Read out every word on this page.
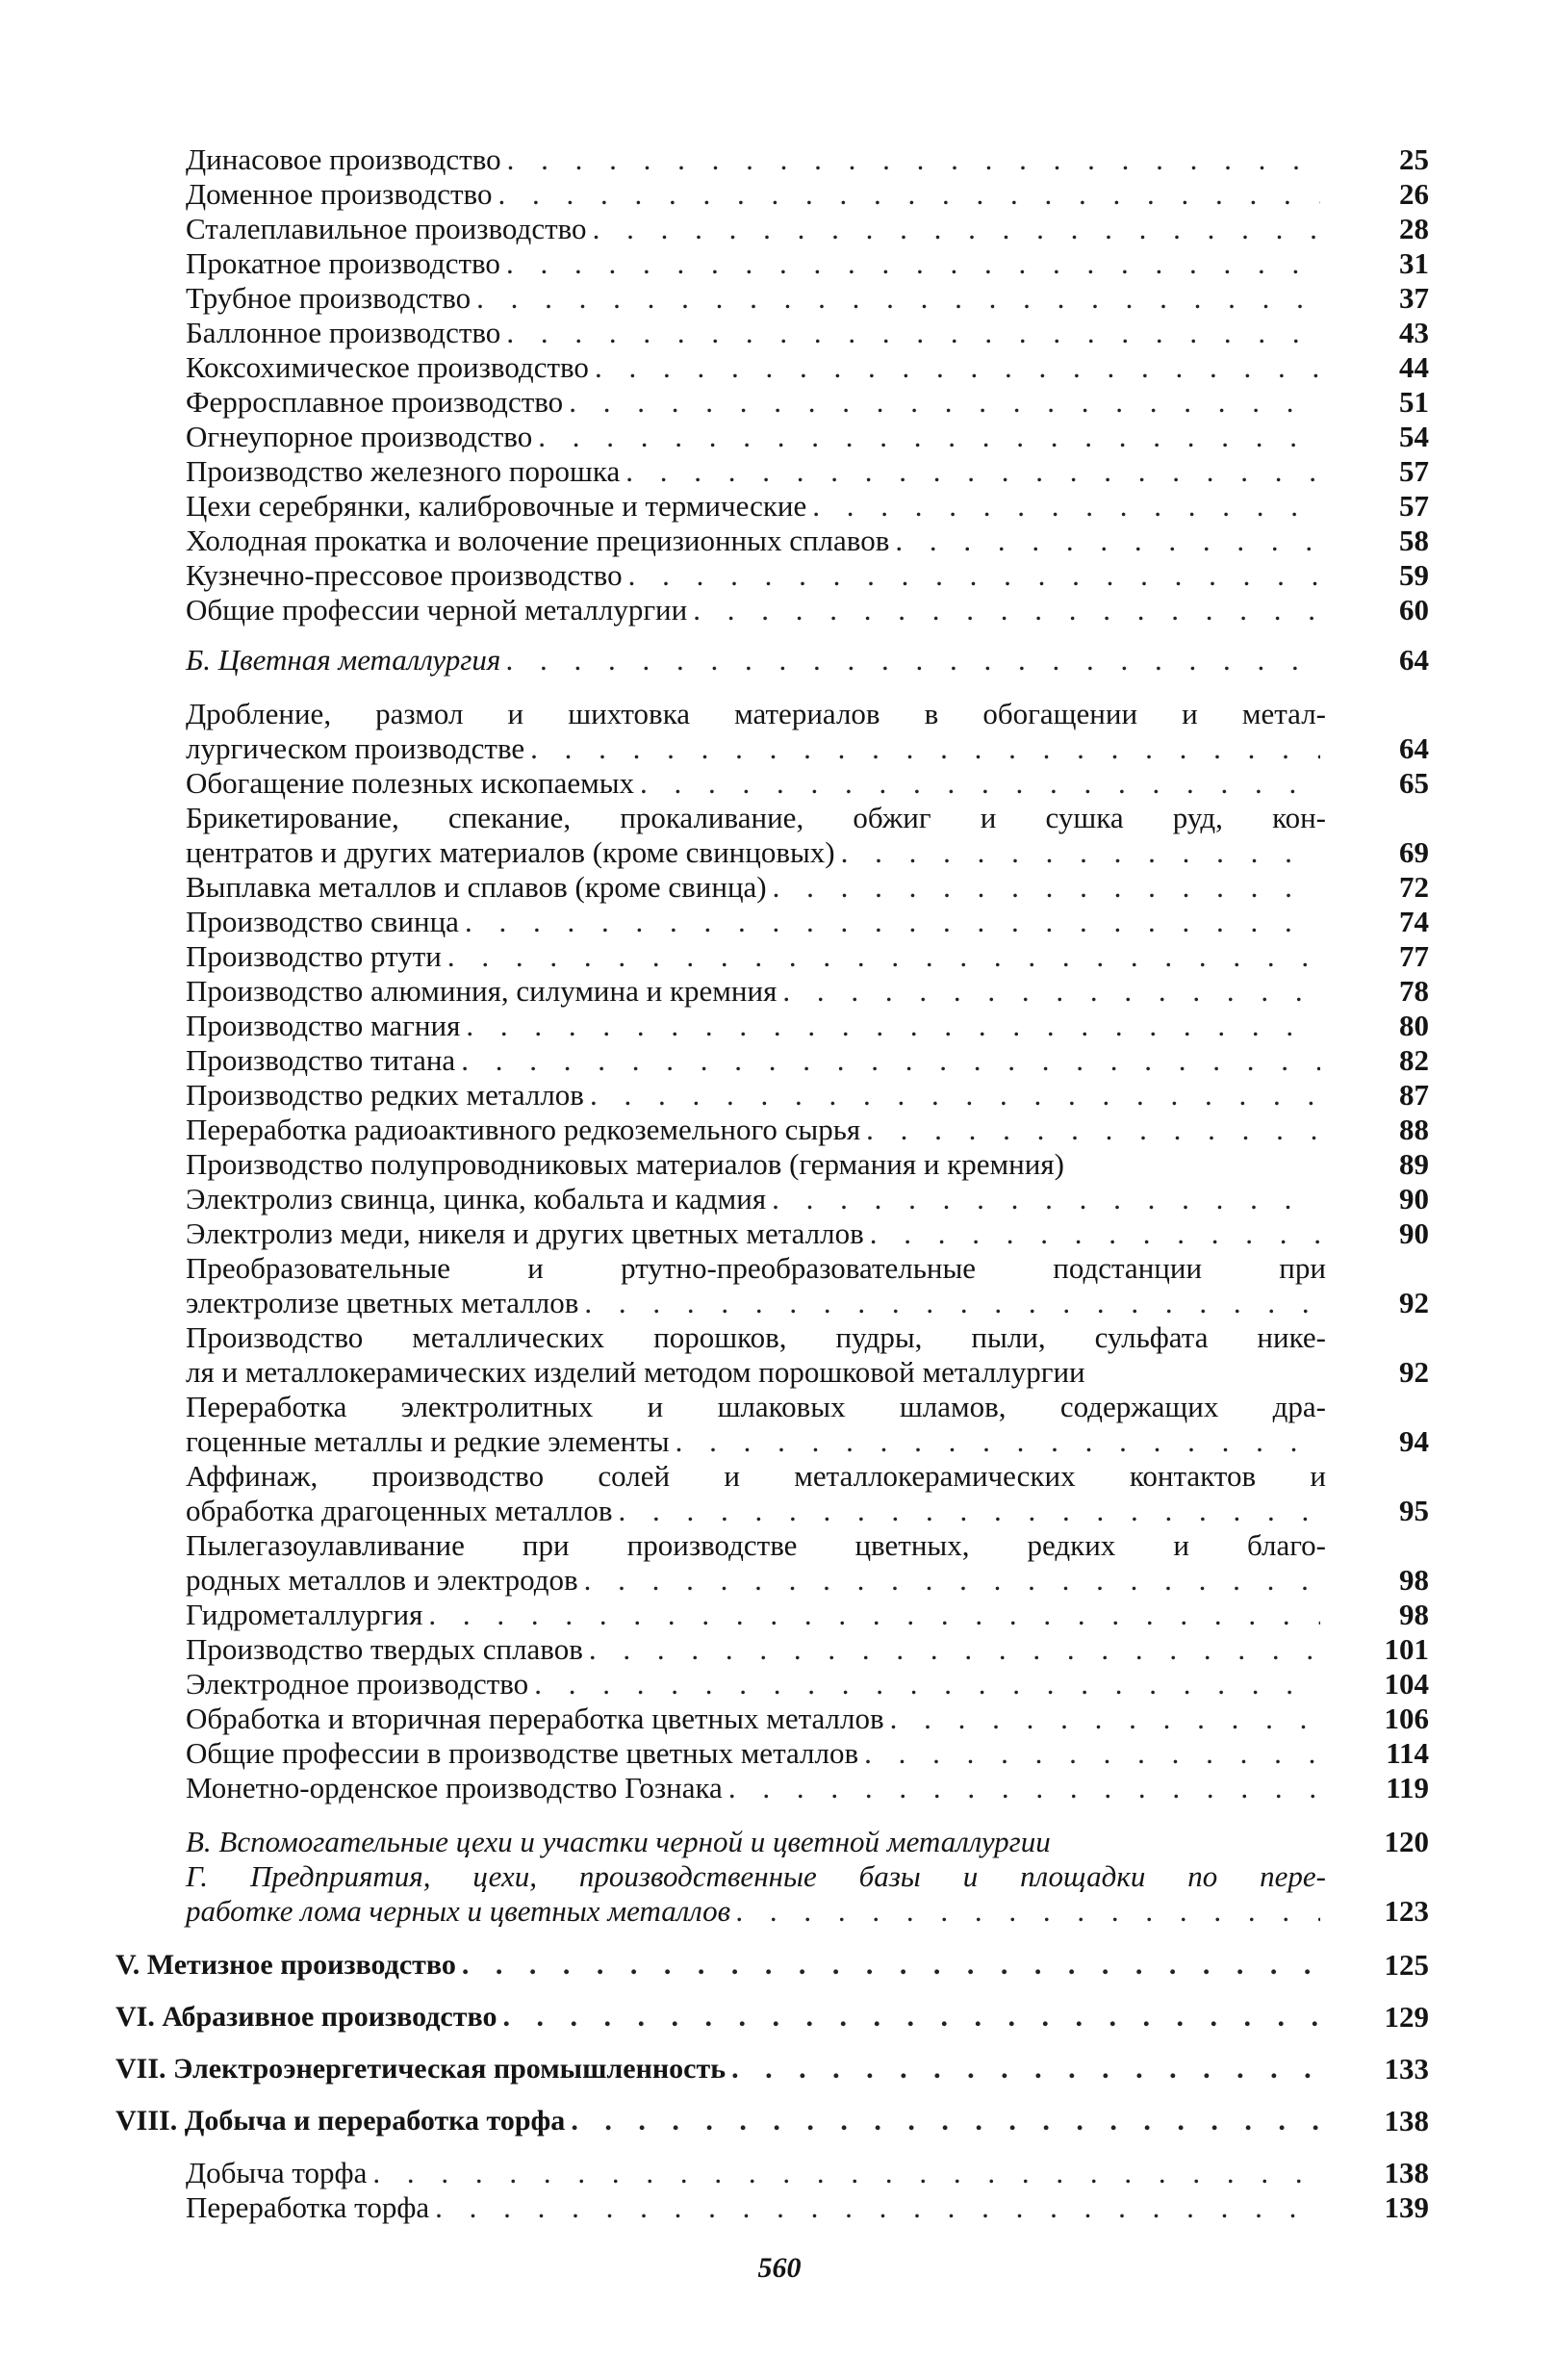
Динасовое производство . . .	25
Доменное производство . . .	26
Сталеплавильное производство . . .	28
Прокатное производство . . .	31
Трубное производство . . .	37
Баллонное производство . . .	43
Коксохимическое производство . . .	44
Ферросплавное производство . . .	51
Огнеупорное производство . . .	54
Производство железного порошка . . .	57
Цехи серебрянки, калибровочные и термические . . .	57
Холодная прокатка и волочение прецизионных сплавов . . .	58
Кузнечно-прессовое производство . . .	59
Общие профессии черной металлургии . . .	60
Б. Цветная металлургия . . .	64
Дробление, размол и шихтовка материалов в обогащении и метал-
лургическом производстве . . .	64
Обогащение полезных ископаемых . . .	65
Брикетирование, спекание, прокаливание, обжиг и сушка руд, кон-
центратов и других материалов (кроме свинцовых) . . .	69
Выплавка металлов и сплавов (кроме свинца) . . .	72
Производство свинца . . .	74
Производство ртути . . .	77
Производство алюминия, силумина и кремния . . .	78
Производство магния . . .	80
Производство титана . . .	82
Производство редких металлов . . .	87
Переработка радиоактивного редкоземельного сырья . . .	88
Производство полупроводниковых материалов (германия и кремния)	89
Электролиз свинца, цинка, кобальта и кадмия . . .	90
Электролиз меди, никеля и других цветных металлов . . .	90
Преобразовательные и ртутно-преобразовательные подстанции при
электролизе цветных металлов . . .	92
Производство металлических порошков, пудры, пыли, сульфата нике-
ля и металлокерамических изделий методом порошковой металлургии	92
Переработка электролитных и шлаковых шламов, содержащих дра-
гоценные металлы и редкие элементы . . .	94
Аффинаж, производство солей и металлокерамических контактов и
обработка драгоценных металлов . . .	95
Пылегазоулавливание при производстве цветных, редких и благо-
родных металлов и электродов . . .	98
Гидрометаллургия . . .	98
Производство твердых сплавов . . .	101
Электродное производство . . .	104
Обработка и вторичная переработка цветных металлов . . .	106
Общие профессии в производстве цветных металлов . . .	114
Монетно-орденское производство Гознака . . .	119
В. Вспомогательные цехи и участки черной и цветной металлургии	120
Г. Предприятия, цехи, производственные базы и площадки по пере-
работке лома черных и цветных металлов . . .	123
V. Метизное производство . . .	125
VI. Абразивное производство . . .	129
VII. Электроэнергетическая промышленность . . .	133
VIII. Добыча и переработка торфа . . .	138
Добыча торфа . . .	138
Переработка торфа . . .	139
560
